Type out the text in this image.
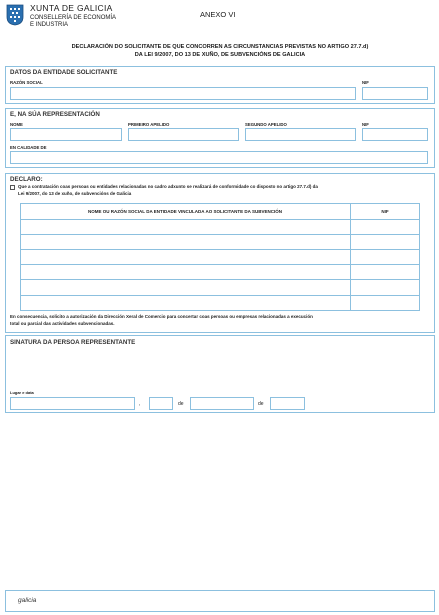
XUNTA DE GALICIA
CONSELLERÍA DE ECONOMÍA
E INDUSTRIA
ANEXO VI
DECLARACIÓN DO SOLICITANTE DE QUE CONCORREN AS CIRCUNSTANCIAS PREVISTAS NO ARTIGO 27.7.d)
DA LEI 9/2007, DO 13 DE XUÑO, DE SUBVENCIÓNS DE GALICIA
DATOS DA ENTIDADE SOLICITANTE
RAZÓN SOCIAL	NIF
E, NA SÚA REPRESENTACIÓN
NOME	PRIMEIRO APELIDO	SEGUNDO APELIDO	NIF
EN CALIDADE DE
DECLARO:
Que a contratación coas persoas ou entidades relacionadas no cadro adxunto se realizará de conformidade co disposto no artigo 27.7.d) da
Lei 9/2007, do 13 de xuño, de subvencións de Galicia
NOME OU RAZÓN SOCIAL DA ENTIDADE VINCULADA AO SOLICITANTE DA SUBVENCIÓN	NIF
En consecuencia, solicito a autorización da Dirección Xeral de Comercio para concertar coas persoas ou empresas relacionadas a execución
total ou parcial das actividades subvencionadas.
SINATURA DA PERSOA REPRESENTANTE
Lugar e data
,	de	de
galicia
